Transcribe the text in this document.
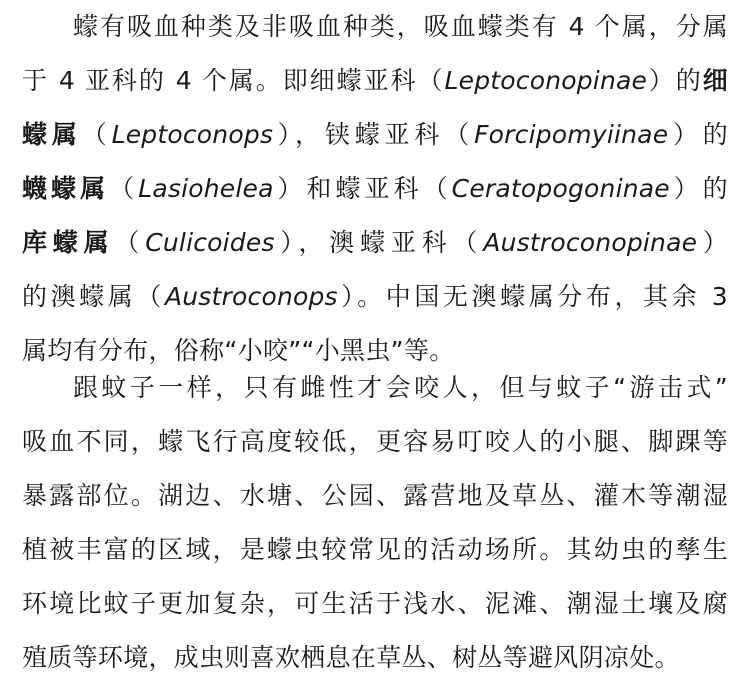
蠓有吸血种类及非吸血种类，吸血蠓类有 4 个属，分属
于 4 亚科的 4 个属。即细蠓亚科（Leptoconopinae）的细
蠓属（Leptoconops），铗蠓亚科（Forcipomyiinae）的
蠛蠓属（Lasiohelea）和蠓亚科（Ceratopogoninae）的
库蠓属（Culicoides），澳蠓亚科（Austroconopinae）
的澳蠓属（Austroconops）。中国无澳蠓属分布，其余 3
属均有分布，俗称“小咬”“小黑虫”等。
跟蚊子一样，只有雌性才会咬人，但与蚊子“游击式”
吸血不同，蠓飞行高度较低，更容易叮咬人的小腿、脚踝等
暴露部位。湖边、水塘、公园、露营地及草丛、灌木等潮湿
植被丰富的区域，是蠓虫较常见的活动场所。其幼虫的孳生
环境比蚊子更加复杂，可生活于浅水、泥滩、潮湿土壤及腐
殖质等环境，成虫则喜欢栖息在草丛、树丛等避风阴凉处。
